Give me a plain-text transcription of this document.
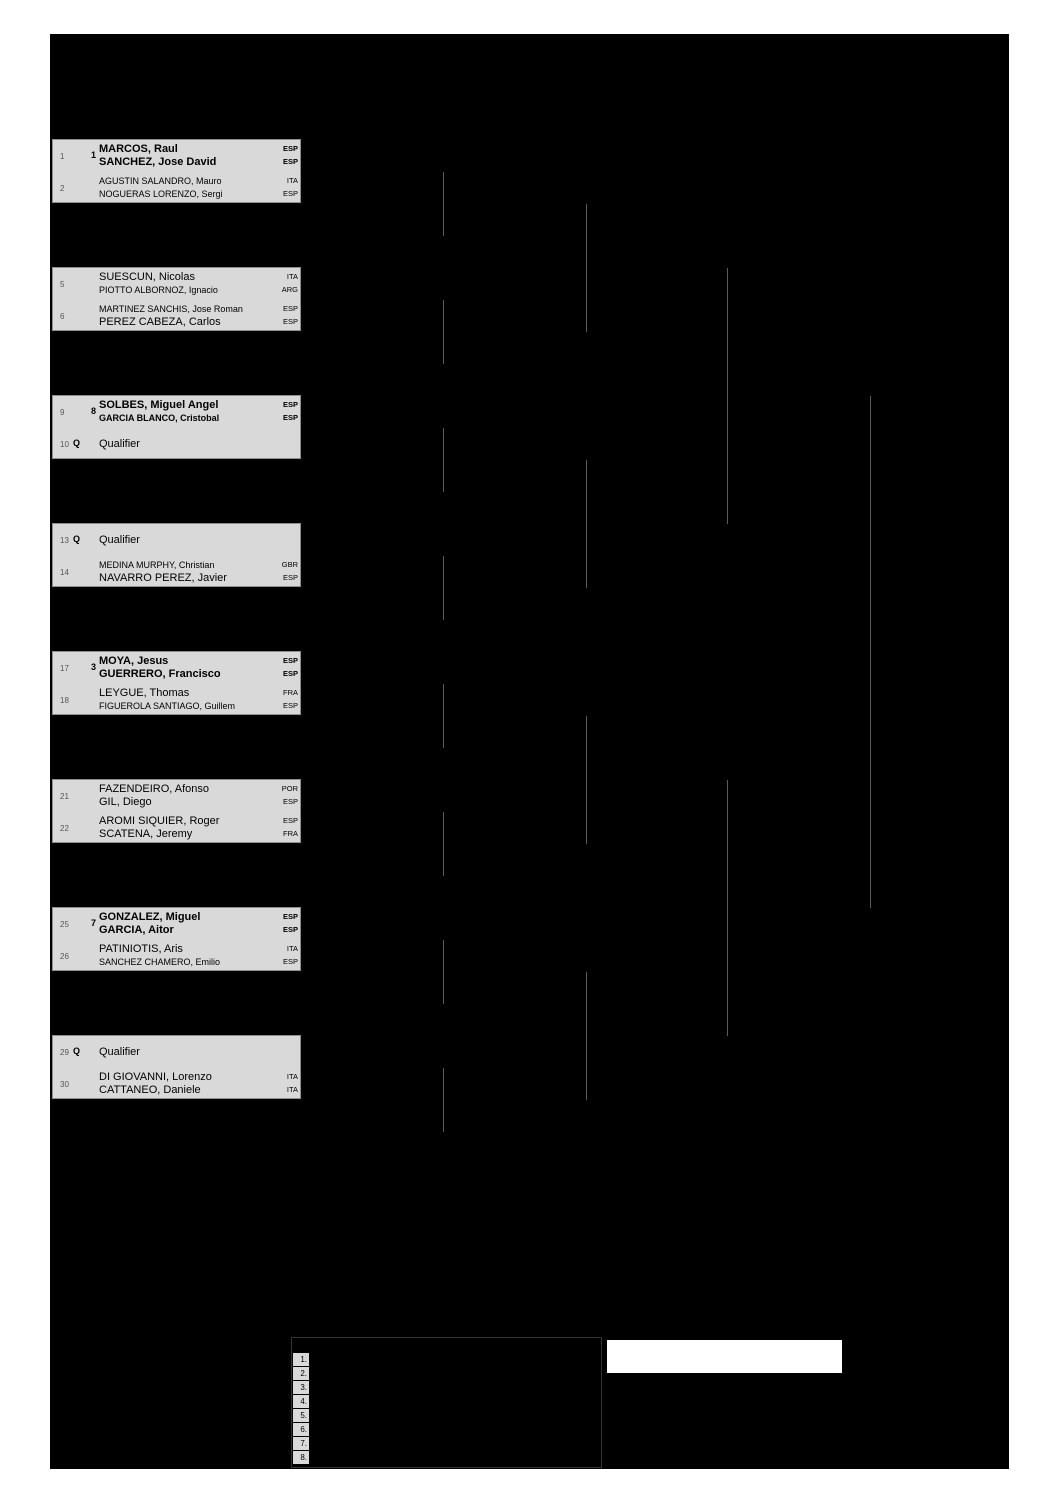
1	1 MARCOS, Raul	ESP
SANCHEZ, Jose David	ESP
2
AGUSTIN SALANDRO, Mauro	ITA
NOGUERAS LORENZO, Sergi	ESP
5
SUESCUN, Nicolas	ITA
PIOTTO ALBORNOZ, Ignacio	ARG
6
MARTINEZ SANCHIS, Jose Roman	ESP
PEREZ CABEZA, Carlos	ESP
9	8 SOLBES, Miguel Angel	ESP
GARCIA BLANCO, Cristobal	ESP
10 Q Qualifier
13 Q Qualifier
14
MEDINA MURPHY, Christian	GBR
NAVARRO PEREZ, Javier	ESP
17 3 MOYA, Jesus	ESP
GUERRERO, Francisco	ESP
18
LEYGUE, Thomas	FRA
FIGUEROLA SANTIAGO, Guillem	ESP
21
FAZENDEIRO, Afonso	POR
GIL, Diego	ESP
22
AROMI SIQUIER, Roger	ESP
SCATENA, Jeremy	FRA
25 7 GONZALEZ, Miguel	ESP
GARCIA, Aitor	ESP
26
PATINIOTIS, Aris	ITA
SANCHEZ CHAMERO, Emilio	ESP
29 Q Qualifier
30
DI GIOVANNI, Lorenzo	ITA
CATTANEO, Daniele	ITA
1.
2.
3.
4.
5.
6.
7.
8.
